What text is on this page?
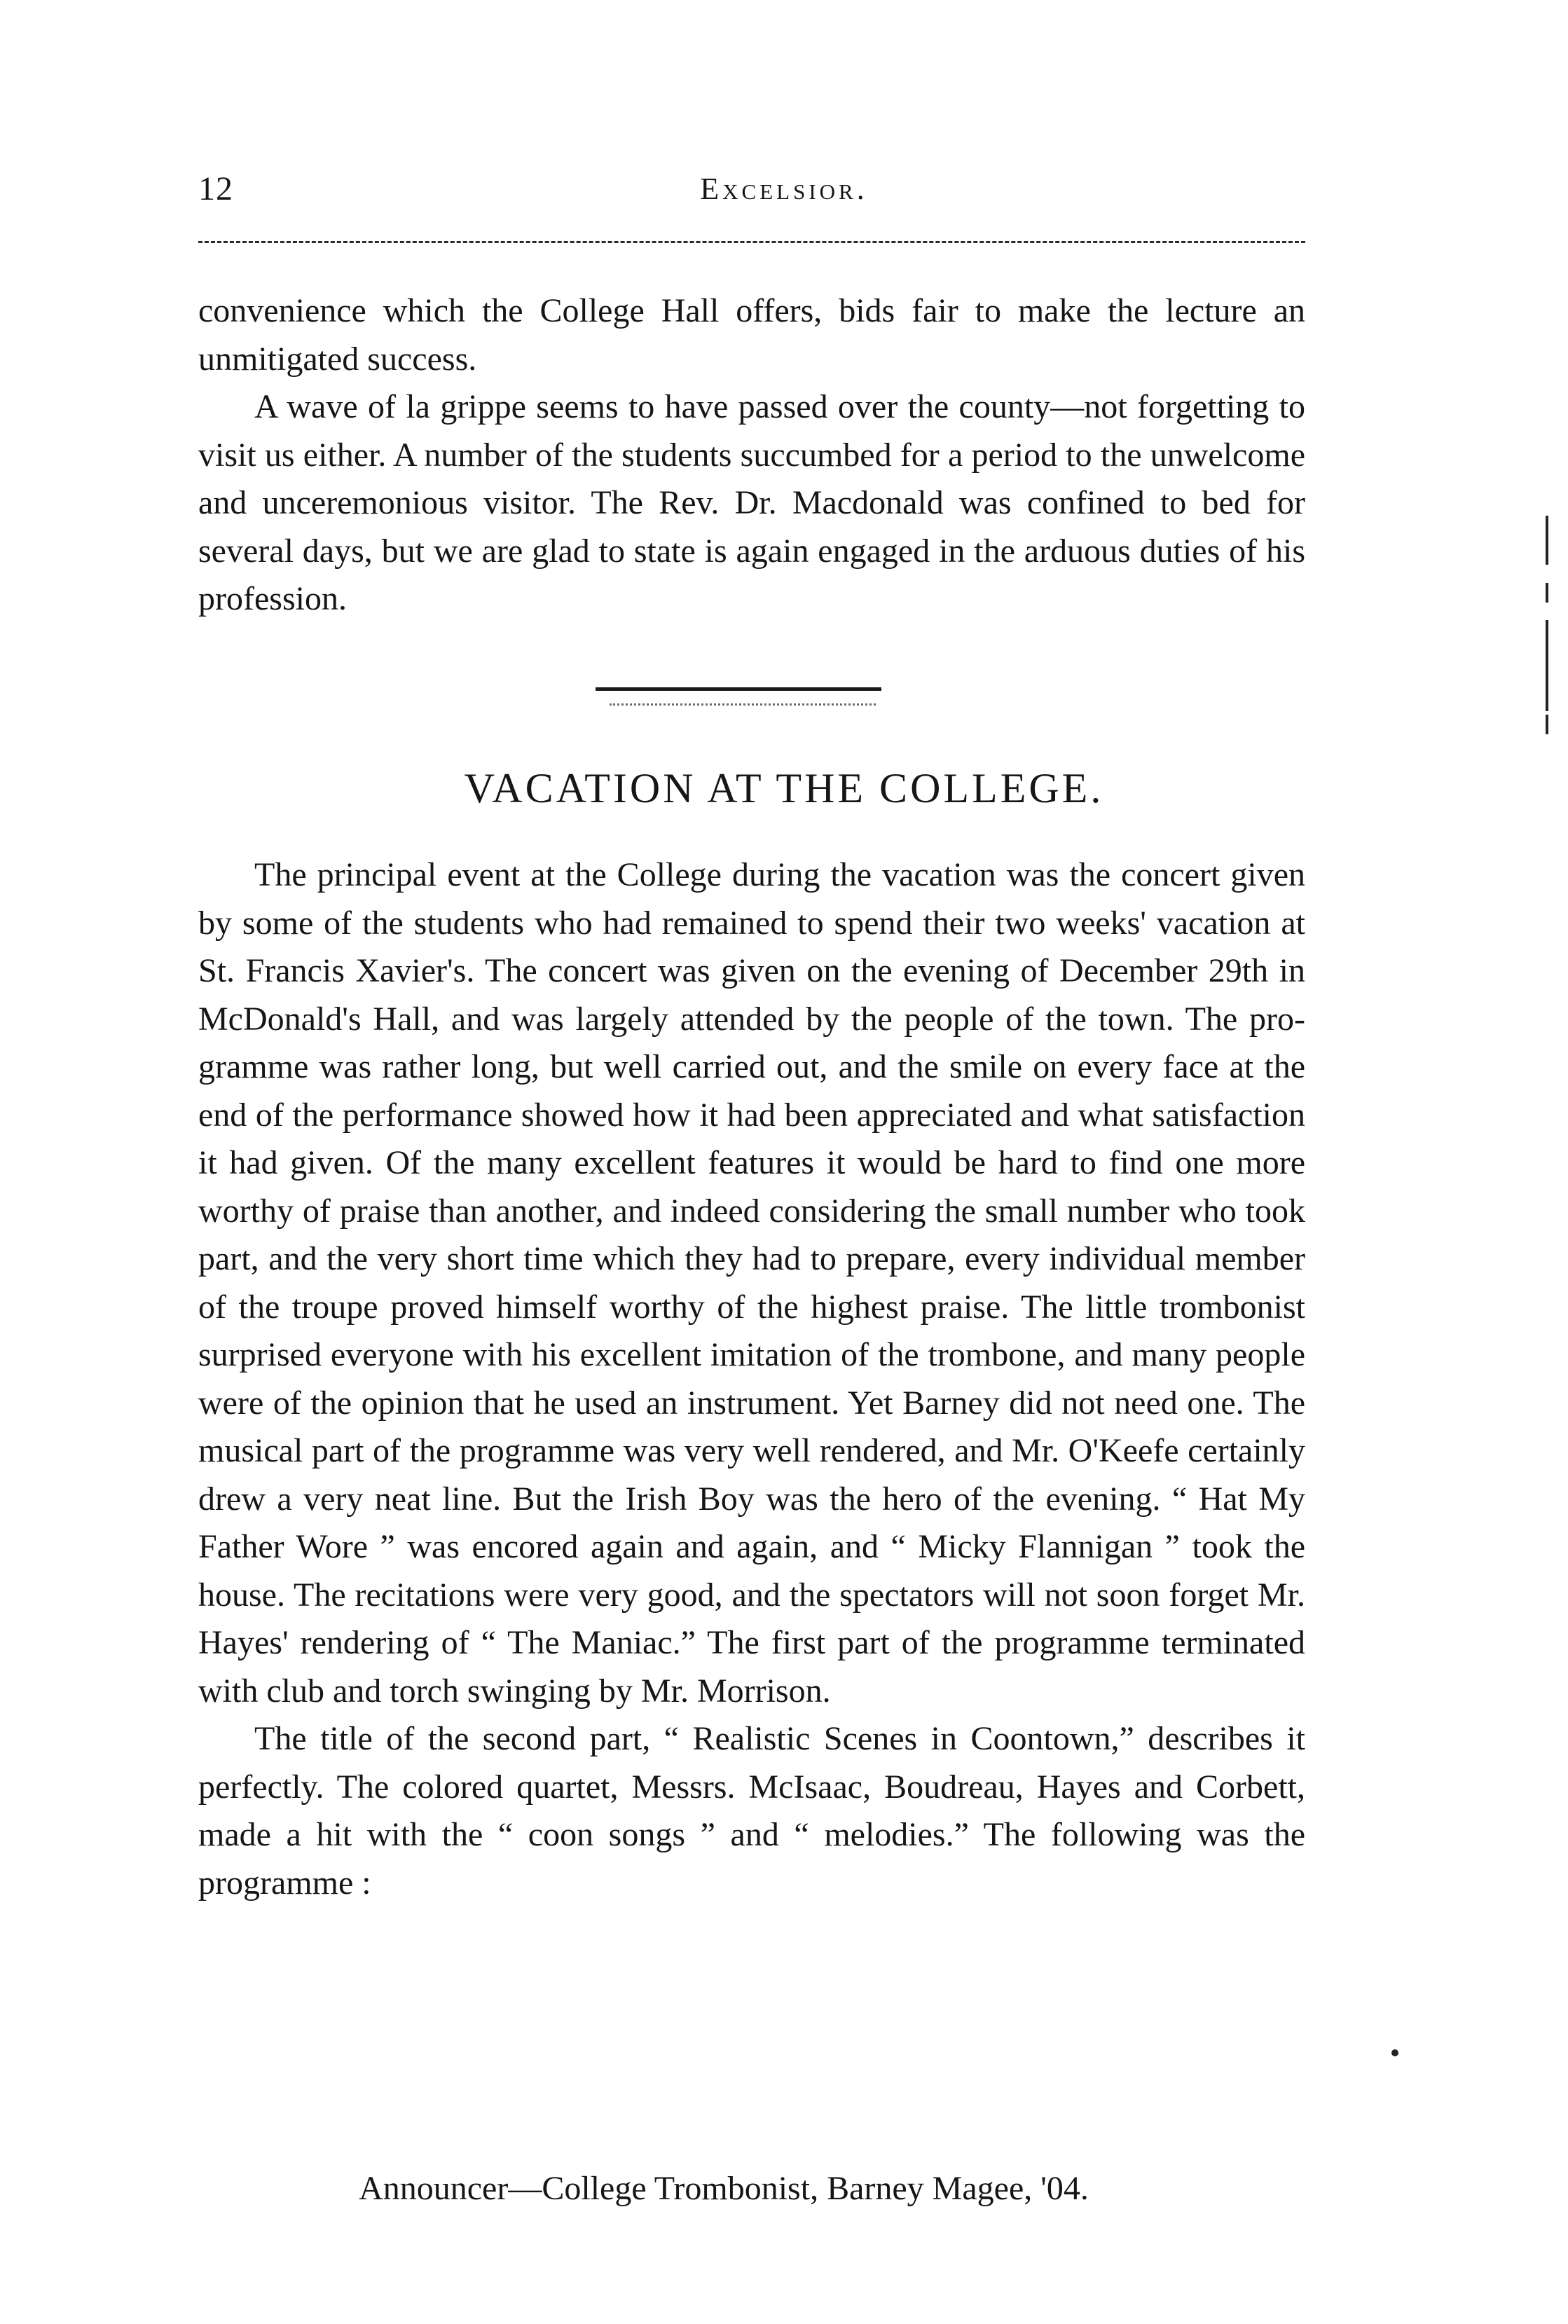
12	Excelsior.

convenience which the College Hall offers, bids fair to make the lecture an unmitigated success.

A wave of la grippe seems to have passed over the county—not forgetting to visit us either. A number of the students succumbed for a period to the unwelcome and unceremonious visitor. The Rev. Dr. Macdonald was confined to bed for several days, but we are glad to state is again engaged in the arduous duties of his profession.

VACATION AT THE COLLEGE.

The principal event at the College during the vacation was the concert given by some of the students who had remained to spend their two weeks' vacation at St. Francis Xavier's. The concert was given on the evening of December 29th in McDonald's Hall, and was largely attended by the people of the town. The programme was rather long, but well carried out, and the smile on every face at the end of the performance showed how it had been appreciated and what satisfaction it had given. Of the many excellent features it would be hard to find one more worthy of praise than another, and indeed considering the small number who took part, and the very short time which they had to prepare, every individual member of the troupe proved himself worthy of the highest praise. The little trombonist surprised everyone with his excellent imitation of the trombone, and many people were of the opinion that he used an instrument. Yet Barney did not need one. The musical part of the programme was very well rendered, and Mr. O'Keefe certainly drew a very neat line. But the Irish Boy was the hero of the evening. “ Hat My Father Wore ” was encored again and again, and “ Micky Flannigan ” took the house. The recitations were very good, and the spectators will not soon forget Mr. Hayes' rendering of “ The Maniac.” The first part of the programme terminated with club and torch swinging by Mr. Morrison.

The title of the second part, “ Realistic Scenes in Coontown,” describes it perfectly. The colored quartet, Messrs. McIsaac, Boudreau, Hayes and Corbett, made a hit with the “ coon songs ” and “ melodies.” The following was the programme :

Announcer—College Trombonist, Barney Magee, '04.
